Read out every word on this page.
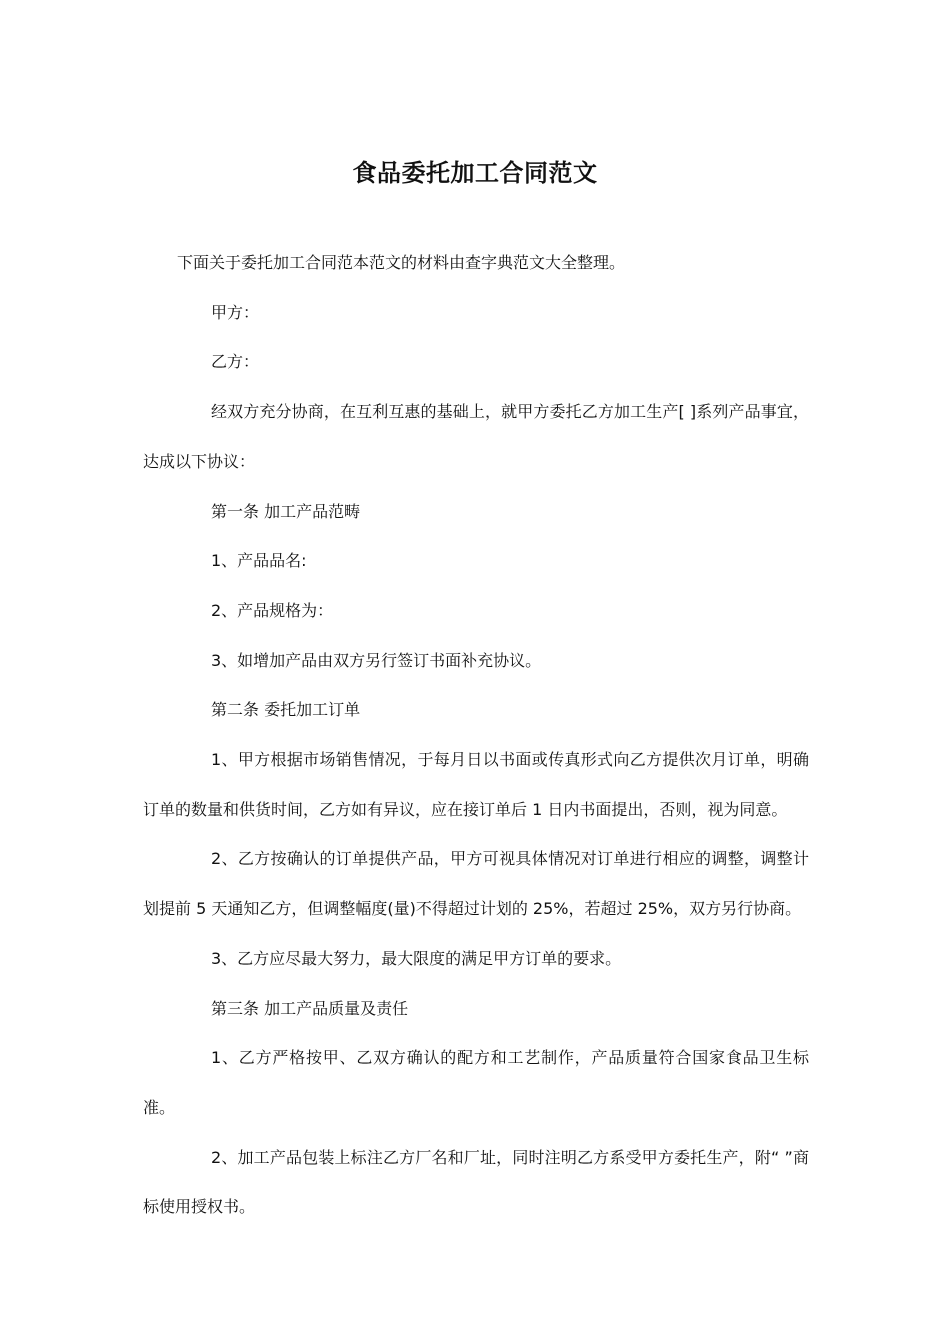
食品委托加工合同范文

下面关于委托加工合同范本范文的材料由查字典范文大全整理。

甲方：

乙方：

经双方充分协商，在互利互惠的基础上，就甲方委托乙方加工生产[ ]系列产品事宜，达成以下协议：

第一条 加工产品范畴

1、产品品名:

2、产品规格为：

3、如增加产品由双方另行签订书面补充协议。

第二条 委托加工订单

1、甲方根据市场销售情况，于每月日以书面或传真形式向乙方提供次月订单，明确订单的数量和供货时间，乙方如有异议，应在接订单后 1 日内书面提出，否则，视为同意。

2、乙方按确认的订单提供产品，甲方可视具体情况对订单进行相应的调整，调整计划提前 5 天通知乙方，但调整幅度(量)不得超过计划的 25%，若超过 25%，双方另行协商。

3、乙方应尽最大努力，最大限度的满足甲方订单的要求。

第三条 加工产品质量及责任

1、乙方严格按甲、乙双方确认的配方和工艺制作，产品质量符合国家食品卫生标准。

2、加工产品包装上标注乙方厂名和厂址，同时注明乙方系受甲方委托生产，附“ ”商标使用授权书。
